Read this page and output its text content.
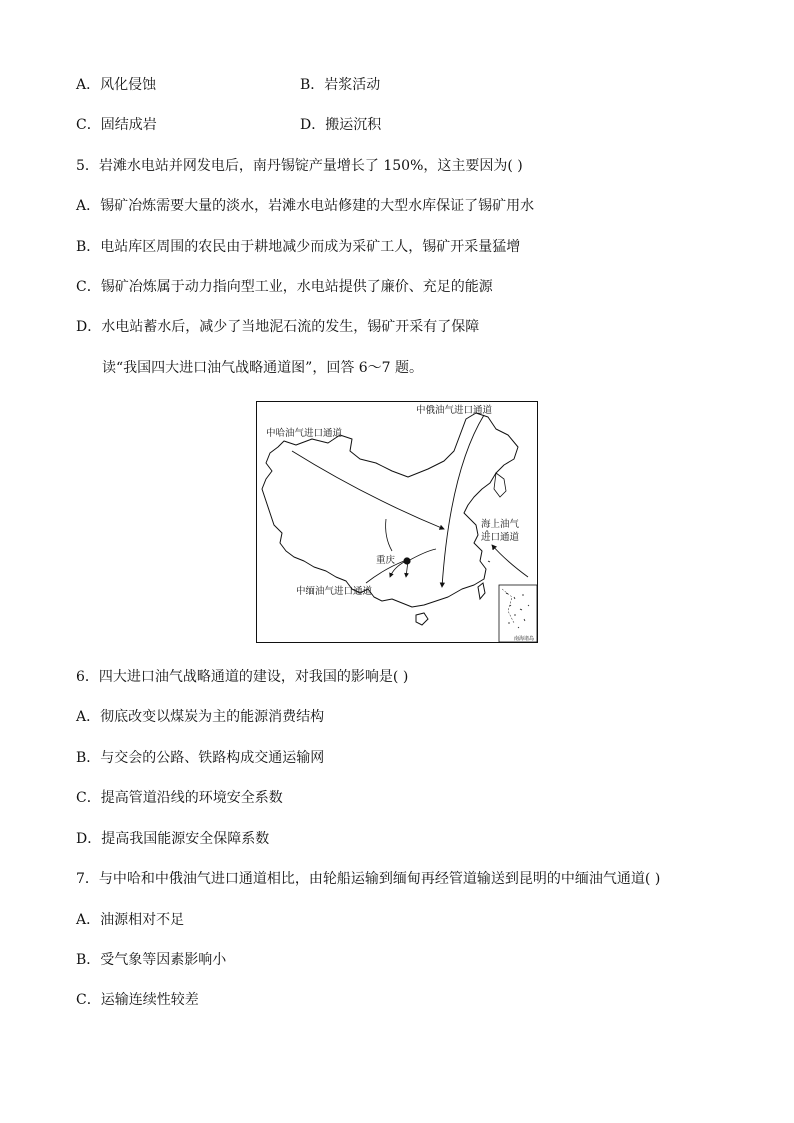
A．风化侵蚀	B．岩浆活动
C．固结成岩	D．搬运沉积
5．岩滩水电站并网发电后，南丹锡锭产量增长了 150%，这主要因为( )
A．锡矿冶炼需要大量的淡水，岩滩水电站修建的大型水库保证了锡矿用水
B．电站库区周围的农民由于耕地减少而成为采矿工人，锡矿开采量猛增
C．锡矿冶炼属于动力指向型工业，水电站提供了廉价、充足的能源
D．水电站蓄水后，减少了当地泥石流的发生，锡矿开采有了保障
读“我国四大进口油气战略通道图”，回答 6～7 题。
南海诸岛
中俄油气进口通道
中哈油气进口通道
海上油气
进口通道
重庆
中缅油气进口通道
6．四大进口油气战略通道的建设，对我国的影响是( )
A．彻底改变以煤炭为主的能源消费结构
B．与交会的公路、铁路构成交通运输网
C．提高管道沿线的环境安全系数
D．提高我国能源安全保障系数
7．与中哈和中俄油气进口通道相比，由轮船运输到缅甸再经管道输送到昆明的中缅油气通道( )
A．油源相对不足
B．受气象等因素影响小
C．运输连续性较差
